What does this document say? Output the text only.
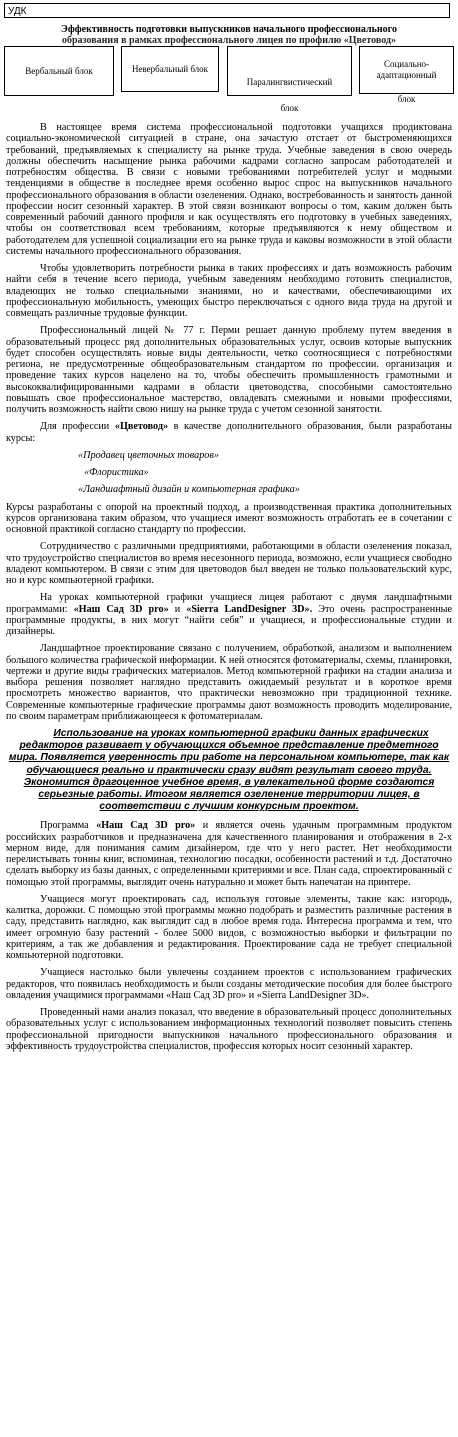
УДК
Эффективность подготовки выпускников начального профессионального
образования в рамках профессионального лицея по профилю «Цветовод»
Вербальный блок	Невербальный блок
Паралингвистический
блок
Социально-адаптационный
блок

В настоящее время система профессиональной подготовки учащихся продиктована социально-экономической ситуацией в стране, она зачастую отстает от быстроменяющихся требований, предъявляемых к специалисту на рынке труда. Учебные заведения в свою очередь должны обеспечить насыщение рынка рабочими кадрами согласно запросам работодателей и потребностям общества. В связи с новыми требованиями потребителей услуг и модными тенденциями в обществе в последнее время особенно вырос спрос на выпускников начального профессионального образования в области озеленения. Однако, востребованность и занятость данной профессии носит сезонный характер. В этой связи возникают вопросы о том, каким должен быть современный рабочий данного профиля и как осуществлять его подготовку в учебных заведениях, чтобы он соответствовал всем требованиям, которые предъявляются к нему обществом и работодателем для успешной социализации его на рынке труда и каковы возможности в этой области системы начального профессионального образования.

Чтобы удовлетворить потребности рынка в таких профессиях и дать возможность рабочим найти себя в течение всего периода, учебным заведениям необходимо готовить специалистов, владеющих не только специальными знаниями, но и качествами, обеспечивающими их профессиональную мобильность, умеющих быстро переключаться с одного вида труда на другой и совмещать различные трудовые функции.

Профессиональный лицей № 77 г. Перми решает данную проблему путем введения в образовательный процесс ряд дополнительных образовательных услуг, освоив которые выпускник будет способен осуществлять новые виды деятельности, четко соотносящиеся с потребностями региона, не предусмотренные общеобразовательным стандартом по профессии. организация и проведение таких курсов нацелено на то, чтобы обеспечить промышленность грамотными и высококвалифицированными кадрами в области цветоводства, способными самостоятельно повышать свое профессиональное мастерство, овладевать смежными и новыми профессиями, получить возможность найти свою нишу на рынке труда с учетом сезонной занятости.

Для профессии «Цветовод» в качестве дополнительного образования, были разработаны курсы:

«Продавец цветочных товаров»

«Флористика»

«Ландшафтный дизайн и компьютерная графика»

Курсы разработаны с опорой на проектный подход, а производственная практика дополнительных курсов организована таким образом, что учащиеся имеют возможность отработать ее в сочетании с основной практикой согласно стандарту по профессии.

Сотрудничество с различными предприятиями, работающими в области озеленения показал, что трудоустройство специалистов во время несезонного периода, возможно, если учащиеся свободно владеют компьютером. В связи с этим для цветоводов был введен не только пользовательский курс, но и курс компьютерной графики.

На уроках компьютерной графики учащиеся лицея работают с двумя ландшафтными программами: «Наш Сад 3D pro» и «Sierra LandDesigner 3D». Это очень распространенные программные продукты, в них могут “найти себя” и учащиеся, и профессиональные студии и дизайнеры.

Ландшафтное проектирование связано с получением, обработкой, анализом и выполнением большого количества графической информации. К ней относятся фотоматериалы, схемы, планировки, чертежи и другие виды графических материалов. Метод компьютерной графики на стадии анализа и выбора решения позволяет наглядно представить ожидаемый результат и в короткое время просмотреть множество вариантов, что практически невозможно при традиционной технике. Современные компьютерные графические программы дают возможность проводить моделирование, по своим параметрам приближающееся к фотоматериалам.

Использование на уроках компьютерной графики данных графических редакторов развивает у обучающихся объемное представление предметного мира. Появляется уверенность при работе на персональном компьютере, так как обучающиеся реально и практически сразу видят результат своего труда. Экономится драгоценное учебное время, в увлекательной форме создаются серьезные работы. Итогом является озеленение территории лицея, в соответствии с лучшим конкурсным проектом.

Программа «Наш Сад 3D pro» и является очень удачным программным продуктом российских разработчиков и предназначена для качественного планирования и отображения в 2-х мерном виде, для понимания самим дизайнером, где что у него растет. Нет необходимости перелистывать тонны книг, вспоминая, технологию посадки, особенности растений и т.д. Достаточно сделать выборку из базы данных, с определенными критериями и все. План сада, спроектированный с помощью этой программы, выглядит очень натурально и может быть напечатан на принтере.

Учащиеся могут проектировать сад, используя готовые элементы, такие как: изгородь, калитка, дорожки. С помощью этой программы можно подобрать и разместить различные растения в саду, представить наглядно, как выглядит сад в любое время года. Интересна программа и тем, что имеет огромную базу растений - более 5000 видов, с возможностью выборки и фильтрации по критериям, а так же добавления и редактирования. Проектирование сада не требует специальной компьютерной подготовки.

Учащиеся настолько были увлечены созданием проектов с использованием графических редакторов, что появилась необходимость и были созданы методические пособия для более быстрого овладения учащимися программами «Наш Сад 3D pro» и «Sierra LandDesigner 3D».

Проведенный нами анализ показал, что введение в образовательный процесс дополнительных образовательных услуг с использованием информационных технологий позволяет повысить степень профессиональной пригодности выпускников начального профессионального образования и эффективность трудоустройства специалистов, профессия которых носит сезонный характер.
